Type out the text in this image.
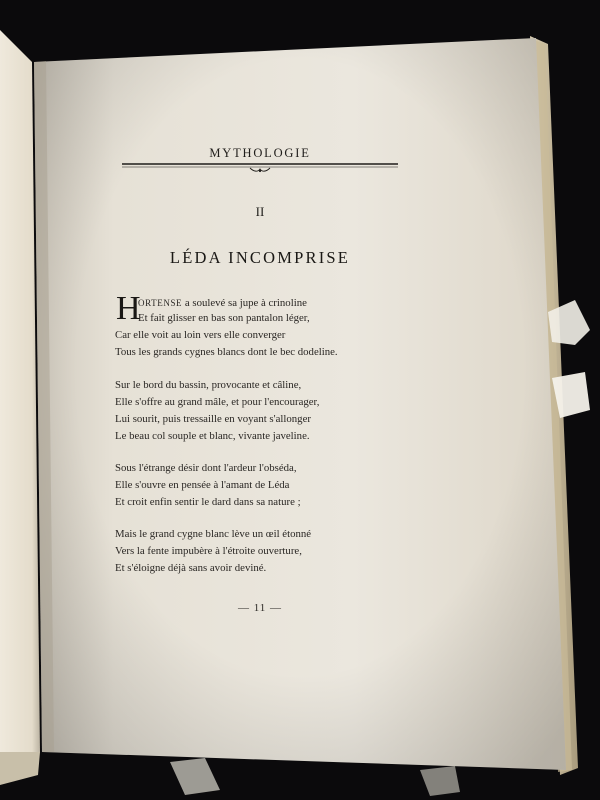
MYTHOLOGIE
II
LÉDA INCOMPRISE
H
ORTENSE a soulevé sa jupe à crinoline
Et fait glisser en bas son pantalon léger,
Car elle voit au loin vers elle converger
Tous les grands cygnes blancs dont le bec dodeline.
Sur le bord du bassin, provocante et câline,
Elle s'offre au grand mâle, et pour l'encourager,
Lui sourit, puis tressaille en voyant s'allonger
Le beau col souple et blanc, vivante javeline.
Sous l'étrange désir dont l'ardeur l'obséda,
Elle s'ouvre en pensée à l'amant de Léda
Et croit enfin sentir le dard dans sa nature ;
Mais le grand cygne blanc lève un œil étonné
Vers la fente impubère à l'étroite ouverture,
Et s'éloigne déjà sans avoir deviné.
— 11 —
